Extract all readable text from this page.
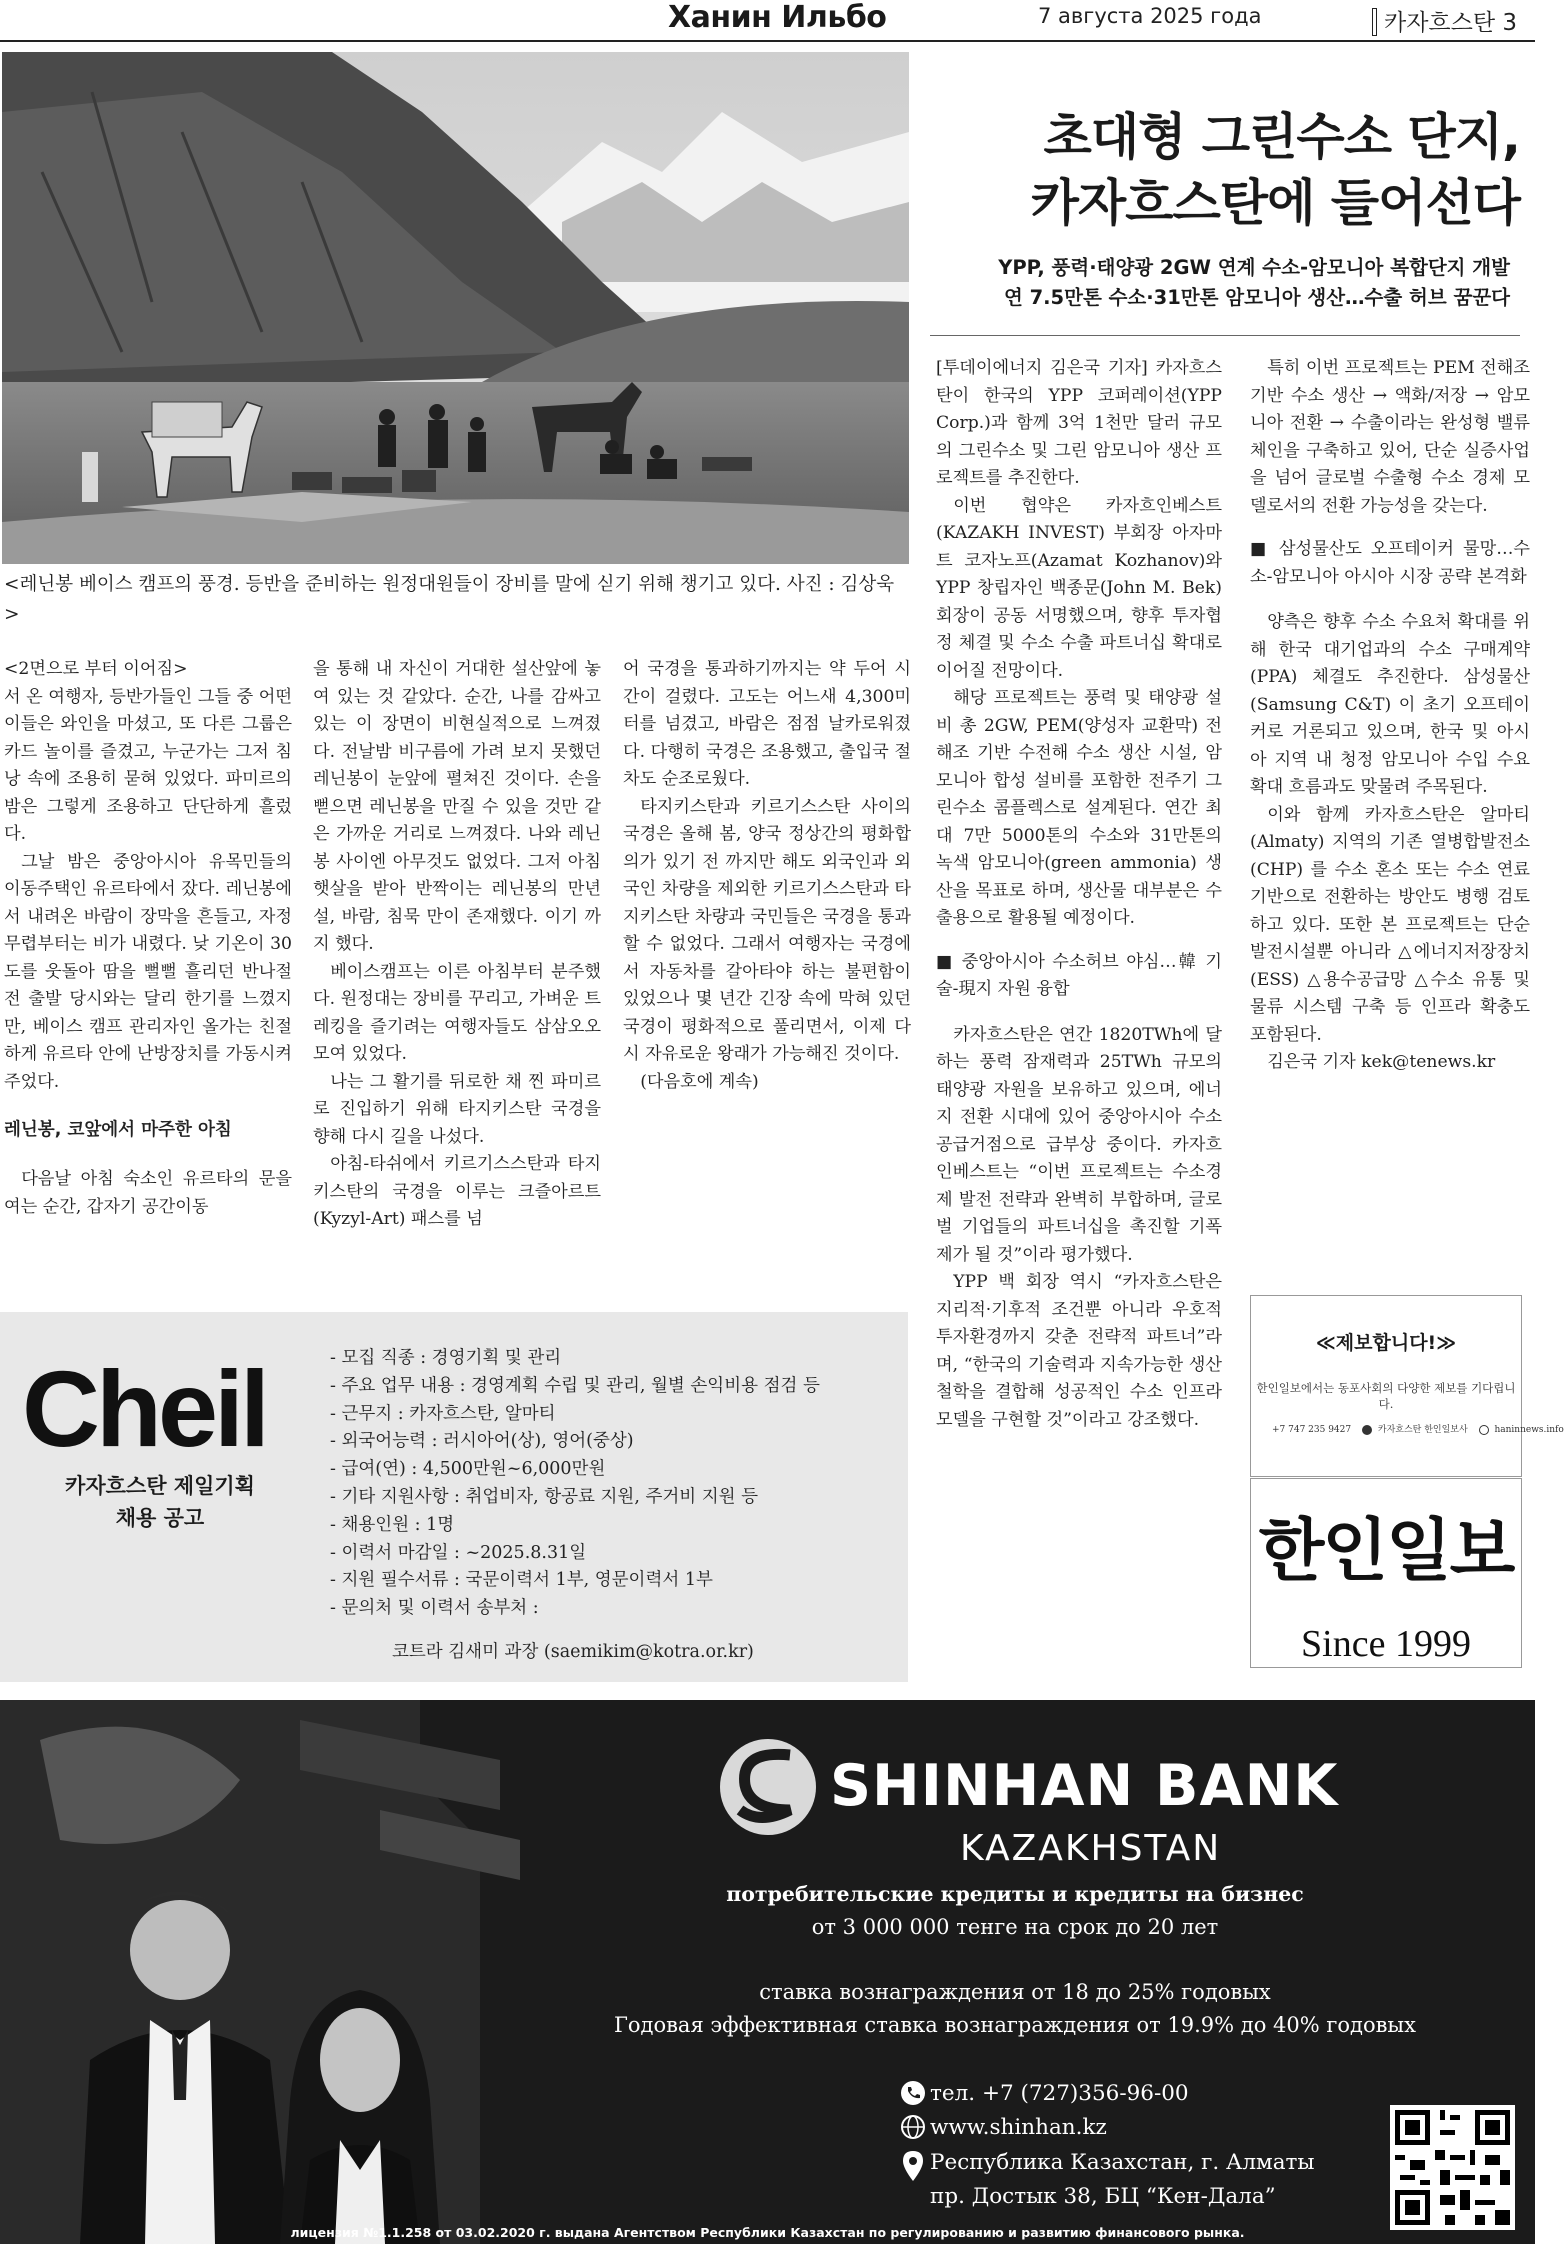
Ханин Ильбо	7 августа 2025 года	카자흐스탄 3
<레닌봉 베이스 캠프의 풍경. 등반을 준비하는 원정대원들이 장비를 말에 싣기 위해 챙기고 있다. 사진 : 김상욱>

<2면으로 부터 이어짐>

서 온 여행자, 등반가들인 그들 중 어떤 이들은 와인을 마셨고, 또 다른 그룹은 카드 놀이를 즐겼고, 누군가는 그저 침낭 속에 조용히 묻혀 있었다. 파미르의 밤은 그렇게 조용하고 단단하게 흘렀다.

그날 밤은 중앙아시아 유목민들의 이동주택인 유르타에서 잤다. 레닌봉에서 내려온 바람이 장막을 흔들고, 자정 무렵부터는 비가 내렸다. 낮 기온이 30도를 웃돌아 땀을 뻘뻘 흘리던 반나절 전 출발 당시와는 달리 한기를 느꼈지만, 베이스 캠프 관리자인 올가는 친절하게 유르타 안에 난방장치를 가동시켜 주었다.

레닌봉, 코앞에서 마주한 아침

다음날 아침 숙소인 유르타의 문을 여는 순간, 갑자기 공간이동

을 통해 내 자신이 거대한 설산앞에 놓여 있는 것 같았다. 순간, 나를 감싸고 있는 이 장면이 비현실적으로 느껴졌다. 전날밤 비구름에 가려 보지 못했던 레닌봉이 눈앞에 펼쳐진 것이다. 손을 뻗으면 레닌봉을 만질 수 있을 것만 같은 가까운 거리로 느껴졌다. 나와 레닌봉 사이엔 아무것도 없었다. 그저 아침 햇살을 받아 반짝이는 레닌봉의 만년설, 바람, 침묵 만이 존재했다. 이기 까지 했다.

베이스캠프는 이른 아침부터 분주했다. 원정대는 장비를 꾸리고, 가벼운 트레킹을 즐기려는 여행자들도 삼삼오오 모여 있었다.

나는 그 활기를 뒤로한 채 찐 파미르로 진입하기 위해 타지키스탄 국경을 향해 다시 길을 나섰다.

아침-타쉬에서 키르기스스탄과 타지키스탄의 국경을 이루는 크즐아르트(Kyzyl-Art) 패스를 넘

어 국경을 통과하기까지는 약 두어 시간이 걸렸다. 고도는 어느새 4,300미터를 넘겼고, 바람은 점점 날카로워졌다. 다행히 국경은 조용했고, 출입국 절차도 순조로웠다.

타지키스탄과 키르기스스탄 사이의 국경은 올해 봄, 양국 정상간의 평화합의가 있기 전 까지만 해도 외국인과 외국인 차량을 제외한 키르기스스탄과 타지키스탄 차량과 국민들은 국경을 통과할 수 없었다. 그래서 여행자는 국경에서 자동차를 갈아타야 하는 불편함이 있었으나 몇 년간 긴장 속에 막혀 있던 국경이 평화적으로 풀리면서, 이제 다시 자유로운 왕래가 가능해진 것이다.

(다음호에 계속)

초대형 그린수소 단지,
카자흐스탄에 들어선다
YPP, 풍력·태양광 2GW 연계 수소-암모니아 복합단지 개발
연 7.5만톤 수소·31만톤 암모니아 생산…수출 허브 꿈꾼다

[투데이에너지 김은국 기자] 카자흐스탄이 한국의 YPP 코퍼레이션(YPP Corp.)과 함께 3억 1천만 달러 규모의 그린수소 및 그린 암모니아 생산 프로젝트를 추진한다.

이번 협약은 카자흐인베스트(KAZAKH INVEST) 부회장 아자마트 코자노프(Azamat Kozhanov)와 YPP 창립자인 백종문(John M. Bek) 회장이 공동 서명했으며, 향후 투자협정 체결 및 수소 수출 파트너십 확대로 이어질 전망이다.

해당 프로젝트는 풍력 및 태양광 설비 총 2GW, PEM(양성자 교환막) 전해조 기반 수전해 수소 생산 시설, 암모니아 합성 설비를 포함한 전주기 그린수소 콤플렉스로 설계된다. 연간 최대 7만 5000톤의 수소와 31만톤의 녹색 암모니아(green ammonia) 생산을 목표로 하며, 생산물 대부분은 수출용으로 활용될 예정이다.

■ 중앙아시아 수소허브 야심…韓 기술-現지 자원 융합

카자흐스탄은 연간 1820TWh에 달하는 풍력 잠재력과 25TWh 규모의 태양광 자원을 보유하고 있으며, 에너지 전환 시대에 있어 중앙아시아 수소 공급거점으로 급부상 중이다. 카자흐인베스트는 “이번 프로젝트는 수소경제 발전 전략과 완벽히 부합하며, 글로벌 기업들의 파트너십을 촉진할 기폭제가 될 것”이라 평가했다.

YPP 백 회장 역시 “카자흐스탄은 지리적·기후적 조건뿐 아니라 우호적 투자환경까지 갖춘 전략적 파트너”라며, “한국의 기술력과 지속가능한 생산 철학을 결합해 성공적인 수소 인프라 모델을 구현할 것”이라고 강조했다.

특히 이번 프로젝트는 PEM 전해조 기반 수소 생산 → 액화/저장 → 암모니아 전환 → 수출이라는 완성형 밸류체인을 구축하고 있어, 단순 실증사업을 넘어 글로벌 수출형 수소 경제 모델로서의 전환 가능성을 갖는다.

■ 삼성물산도 오프테이커 물망…수소-암모니아 아시아 시장 공략 본격화

양측은 향후 수소 수요처 확대를 위해 한국 대기업과의 수소 구매계약(PPA) 체결도 추진한다. 삼성물산(Samsung C&T) 이 초기 오프테이커로 거론되고 있으며, 한국 및 아시아 지역 내 청정 암모니아 수입 수요 확대 흐름과도 맞물려 주목된다.

이와 함께 카자흐스탄은 알마티(Almaty) 지역의 기존 열병합발전소(CHP) 를 수소 혼소 또는 수소 연료 기반으로 전환하는 방안도 병행 검토하고 있다. 또한 본 프로젝트는 단순 발전시설뿐 아니라 △에너지저장장치(ESS) △용수공급망 △수소 유통 및 물류 시스템 구축 등 인프라 확충도 포함된다.

김은국 기자 kek@tenews.kr

Cheil
카자흐스탄 제일기획
채용 공고
- 모집 직종 : 경영기획 및 관리
- 주요 업무 내용 : 경영계획 수립 및 관리, 월별 손익비용 점검 등
- 근무지 : 카자흐스탄, 알마티
- 외국어능력 : 러시아어(상), 영어(중상)
- 급여(연) : 4,500만원~6,000만원
- 기타 지원사항 : 취업비자, 항공료 지원, 주거비 지원 등
- 채용인원 : 1명
- 이력서 마감일 : ~2025.8.31일
- 지원 필수서류 : 국문이력서 1부, 영문이력서 1부
- 문의처 및 이력서 송부처 :
코트라 김새미 과장 (saemikim@kotra.or.kr)
≪제보합니다!≫
한인일보에서는 동포사회의 다양한 제보를 기다립니다.
+7 747 235 9427	카자흐스탄 한인일보사	haninnews.info
한인일보
Since 1999
SHINHAN BANK
KAZAKHSTAN
потребительские кредиты и кредиты на бизнес
от 3 000 000 тенге на срок до 20 лет
ставка вознаграждения от 18 до 25% годовых
Годовая эффективная ставка вознаграждения от 19.9% до 40% годовых
тел. +7 (727)356-96-00
www.shinhan.kz
Республика Казахстан, г. Алматы
пр. Достык 38, БЦ “Кен-Дала”
лицензия №1.1.258 от 03.02.2020 г. выдана Агентством Республики Казахстан по регулированию и развитию финансового рынка.
